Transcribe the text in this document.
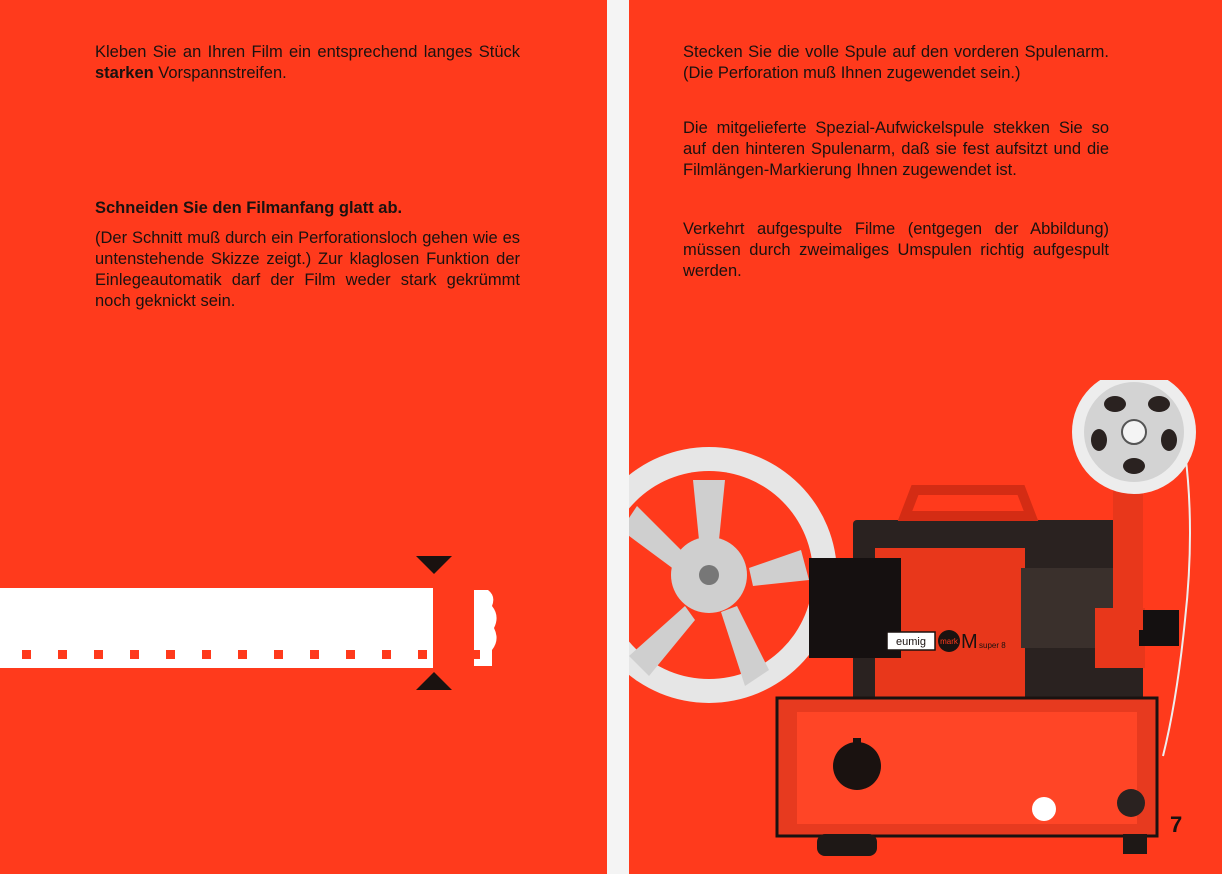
Kleben Sie an Ihren Film ein entsprechend langes Stück starken Vorspannstreifen.

Schneiden Sie den Filmanfang glatt ab.

(Der Schnitt muß durch ein Perforationsloch gehen wie es untenstehende Skizze zeigt.) Zur klaglosen Funktion der Einlegeautomatik darf der Film weder stark gekrümmt noch geknickt sein.

Stecken Sie die volle Spule auf den vorderen Spulenarm. (Die Perforation muß Ihnen zugewendet sein.)

Die mitgelieferte Spezial-Aufwickelspule stekken Sie so auf den hinteren Spulenarm, daß sie fest aufsitzt und die Filmlängen-Markierung Ihnen zugewendet ist.

Verkehrt aufgespulte Filme (entgegen der Abbildung) müssen durch zweimaliges Umspulen richtig aufgespult werden.

eumig mark M super 8

7
